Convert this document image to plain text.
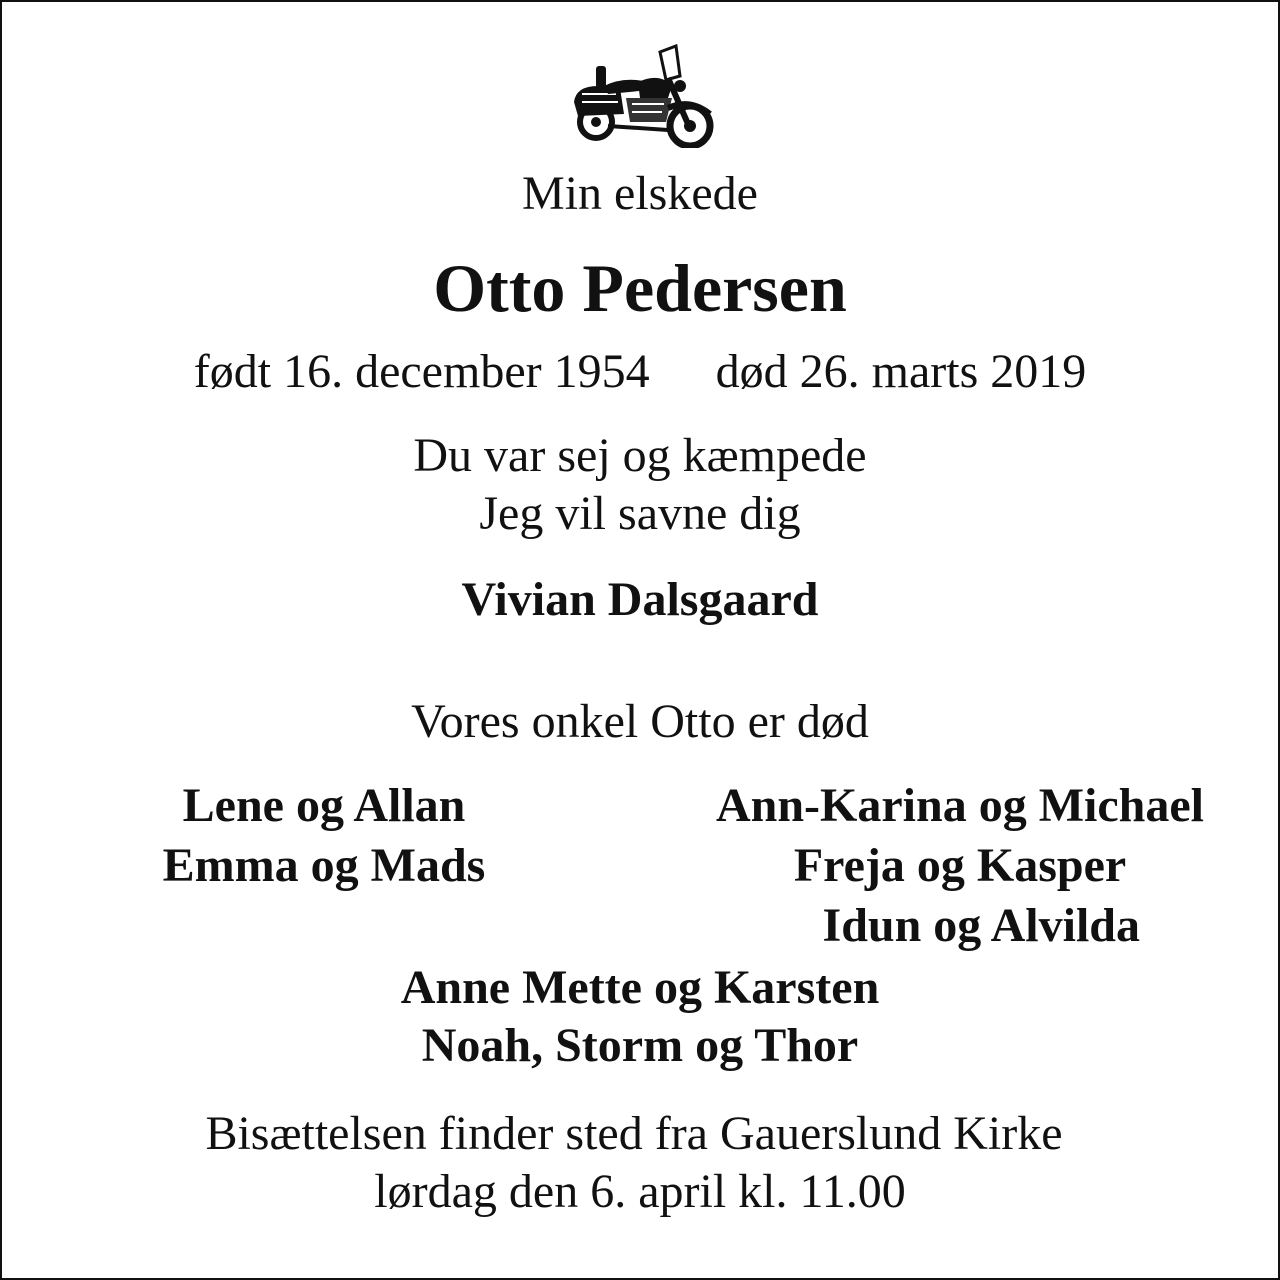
Min elskede
Otto Pedersen
født 16. december 1954 død 26. marts 2019
Du var sej og kæmpede
Jeg vil savne dig
Vivian Dalsgaard
Vores onkel Otto er død
Lene og Allan
Emma og Mads
Ann-Karina og Michael
Freja og Kasper
Idun og Alvilda
Anne Mette og Karsten
Noah, Storm og Thor
Bisættelsen finder sted fra Gauerslund Kirke
lørdag den 6. april kl. 11.00
